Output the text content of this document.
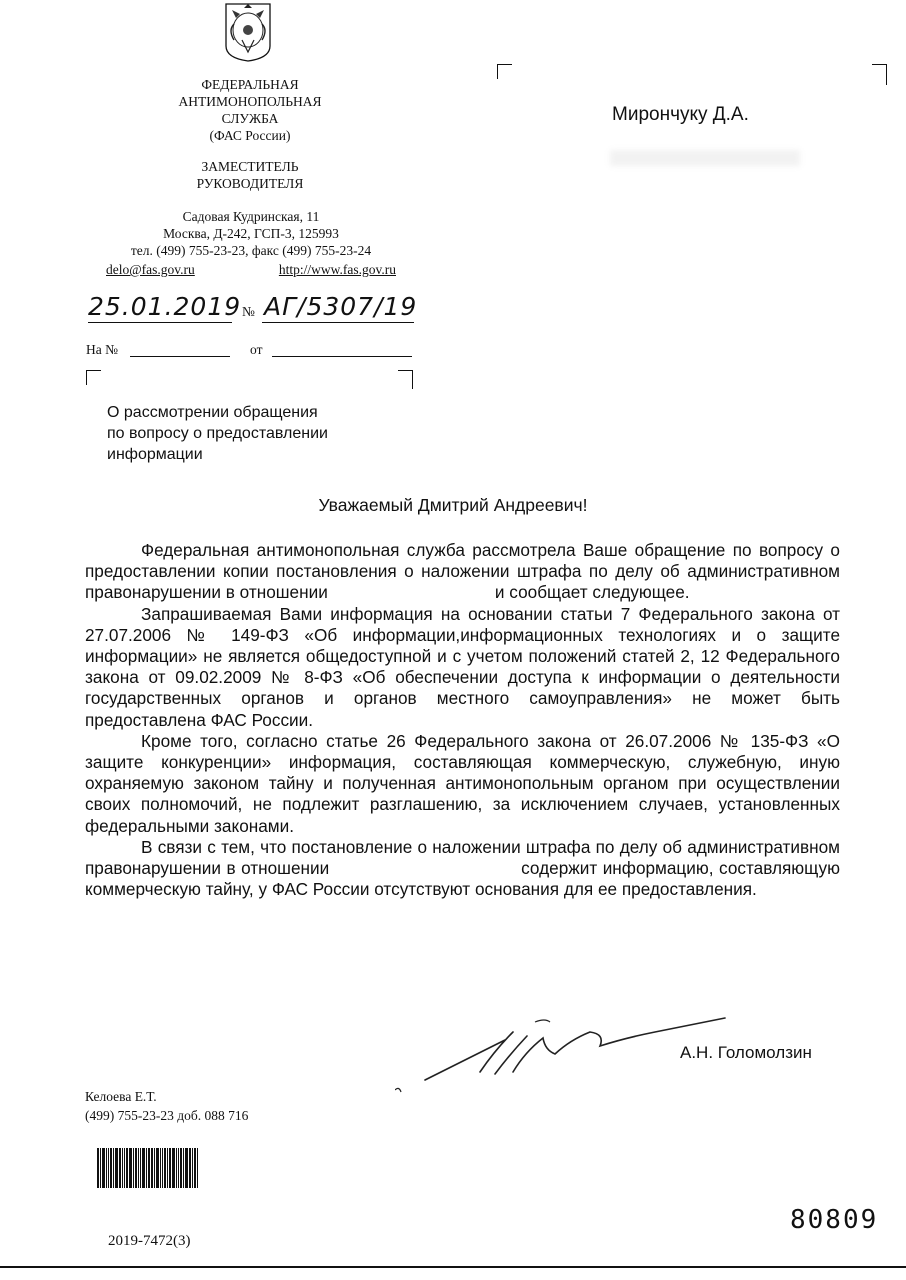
ФЕДЕРАЛЬНАЯ
АНТИМОНОПОЛЬНАЯ
СЛУЖБА
(ФАС России)
ЗАМЕСТИТЕЛЬ
РУКОВОДИТЕЛЯ
Садовая Кудринская, 11
Москва, Д-242, ГСП-3, 125993
тел. (499) 755-23-23, факс (499) 755-23-24
delo@fas.gov.ru	http://www.fas.gov.ru
25.01.2019 № АГ/5307/19
На №	от
Мирончуку Д.А.
О рассмотрении обращения
по вопросу о предоставлении
информации
Уважаемый Дмитрий Андреевич!

Федеральная антимонопольная служба рассмотрела Ваше обращение по вопросу о предоставлении копии постановления о наложении штрафа по делу об административном правонарушении в отношении                                   и сообщает следующее.

Запрашиваемая Вами информация на основании статьи 7 Федерального закона от 27.07.2006 № 149-ФЗ «Об информации,информационных технологиях и о защите информации» не является общедоступной и с учетом положений статей 2, 12 Федерального закона от 09.02.2009 № 8-ФЗ «Об обеспечении доступа к информации о деятельности государственных органов и органов местного самоуправления» не может быть предоставлена ФАС России.

Кроме того, согласно статье 26 Федерального закона от 26.07.2006 № 135-ФЗ «О защите конкуренции» информация, составляющая коммерческую, служебную, иную охраняемую законом тайну и полученная антимонопольным органом при осуществлении своих полномочий, не подлежит разглашению, за исключением случаев, установленных федеральными законами.

В связи с тем, что постановление о наложении штрафа по делу об административном правонарушении в отношении                                   содержит информацию, составляющую коммерческую тайну, у ФАС России отсутствуют основания для ее предоставления.

А.Н. Голомолзин
Келоева Е.Т.
(499) 755-23-23 доб. 088 716
80809
2019-7472(3)
